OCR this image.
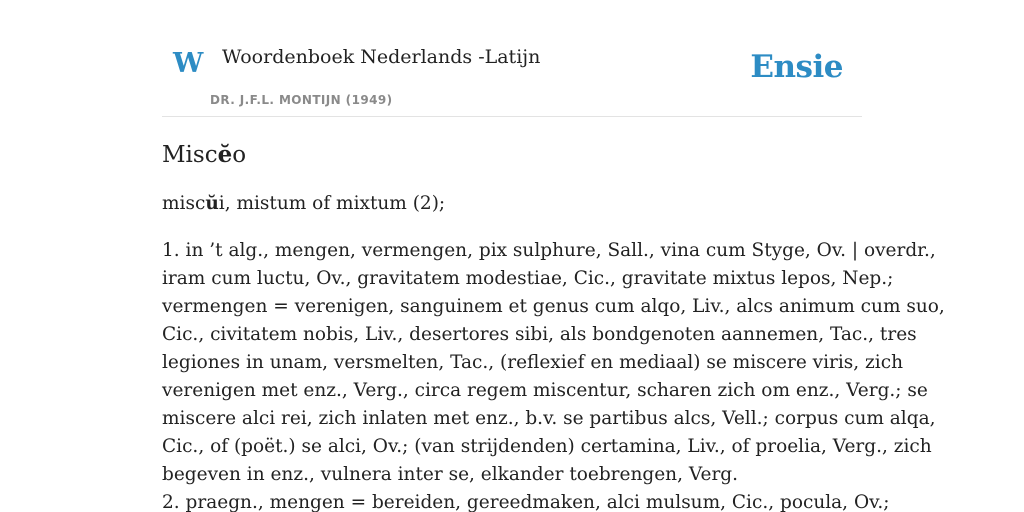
W Woordenboek Nederlands -Latijn
DR. J.F.L. MONTIJN (1949)
Ensie
Miscĕo

miscŭi, mistum of mixtum (2);

1. in ’t alg., mengen, vermengen, pix sulphure, Sall., vina cum Styge, Ov. | overdr.,
iram cum luctu, Ov., gravitatem modestiae, Cic., gravitate mixtus lepos, Nep.;
vermengen = verenigen, sanguinem et genus cum alqo, Liv., alcs animum cum suo,
Cic., civitatem nobis, Liv., desertores sibi, als bondgenoten aannemen, Tac., tres
legiones in unam, versmelten, Tac., (reflexief en mediaal) se miscere viris, zich
verenigen met enz., Verg., circa regem miscentur, scharen zich om enz., Verg.; se
miscere alci rei, zich inlaten met enz., b.v. se partibus alcs, Vell.; corpus cum alqa,
Cic., of (poët.) se alci, Ov.; (van strijdenden) certamina, Liv., of proelia, Verg., zich
begeven in enz., vulnera inter se, elkander toebrengen, Verg.
2. praegn., mengen = bereiden, gereedmaken, alci mulsum, Cic., pocula, Ov.;
